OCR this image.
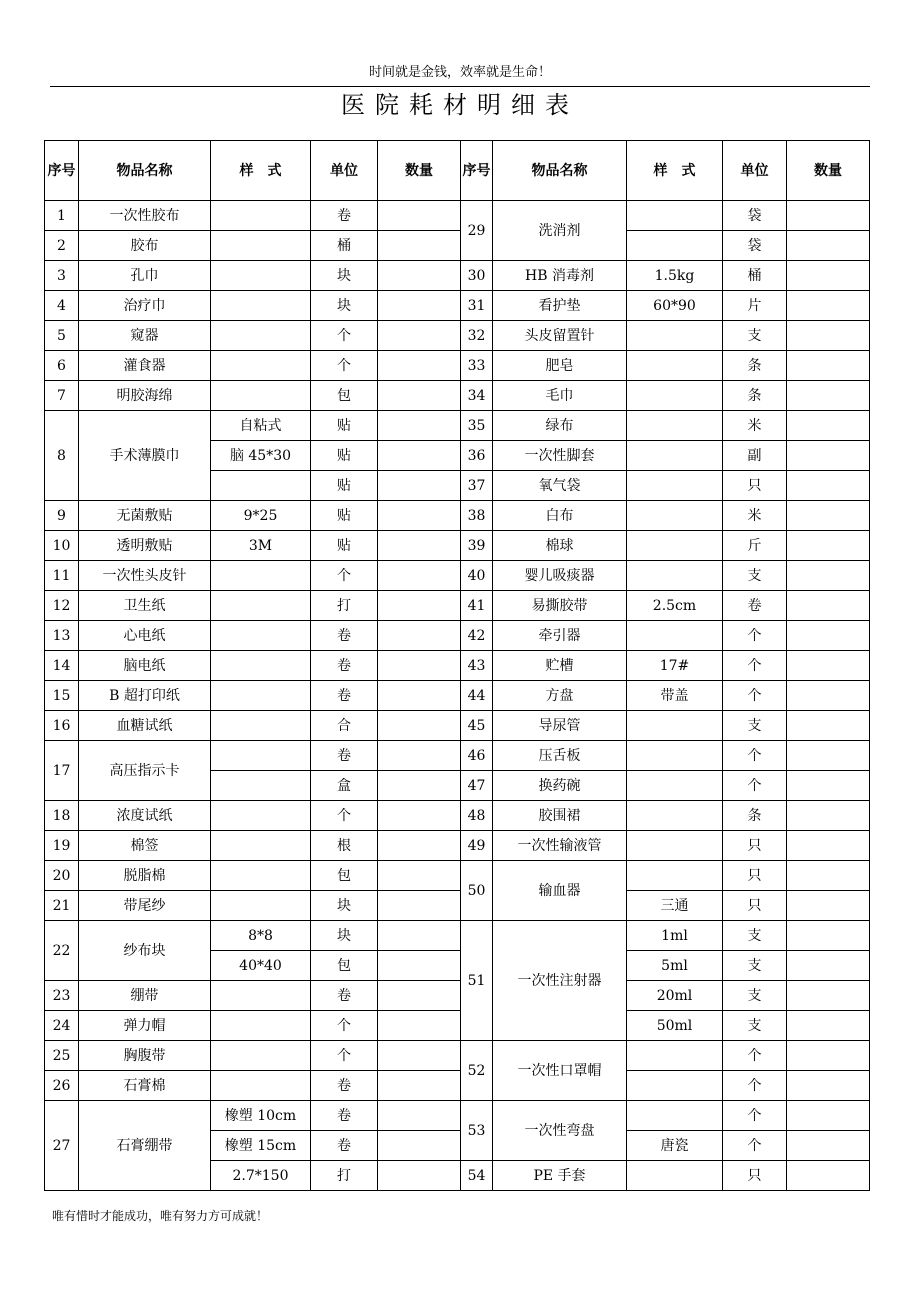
时间就是金钱，效率就是生命！
医院耗材明细表
序号	物品名称	样　式	单位	数量	序号	物品名称	样　式	单位	数量
1	一次性胶布		卷		29	洗消剂		袋	
2	胶布		桶					袋	
3	孔巾		块		30	HB 消毒剂	1.5kg	桶	
4	治疗巾		块		31	看护垫	60*90	片	
5	窥器		个		32	头皮留置针		支	
6	灌食器		个		33	肥皂		条	
7	明胶海绵		包		34	毛巾		条	
8	手术薄膜巾	自粘式	贴		35	绿布		米	
		脑 45*30	贴		36	一次性脚套		副	
			贴		37	氧气袋		只	
9	无菌敷贴	9*25	贴		38	白布		米	
10	透明敷贴	3M	贴		39	棉球		斤	
11	一次性头皮针		个		40	婴儿吸痰器		支	
12	卫生纸		打		41	易撕胶带	2.5cm	卷	
13	心电纸		卷		42	牵引器		个	
14	脑电纸		卷		43	贮槽	17#	个	
15	B 超打印纸		卷		44	方盘	带盖	个	
16	血糖试纸		合		45	导尿管		支	
17	高压指示卡		卷		46	压舌板		个	
			盒		47	换药碗		个	
18	浓度试纸		个		48	胶围裙		条	
19	棉签		根		49	一次性输液管		只	
20	脱脂棉		包		50	输血器		只	
21	带尾纱		块				三通	只	
22	纱布块	8*8	块		51	一次性注射器	1ml	支	
		40*40	包				5ml	支	
23	绷带		卷				20ml	支	
24	弹力帽		个				50ml	支	
25	胸腹带		个		52	一次性口罩帽		个	
26	石膏棉		卷					个	
27	石膏绷带	橡塑 10cm	卷		53	一次性弯盘		个	
		橡塑 15cm	卷				唐瓷	个	
		2.7*150	打		54	PE 手套		只	
唯有惜时才能成功，唯有努力方可成就！
